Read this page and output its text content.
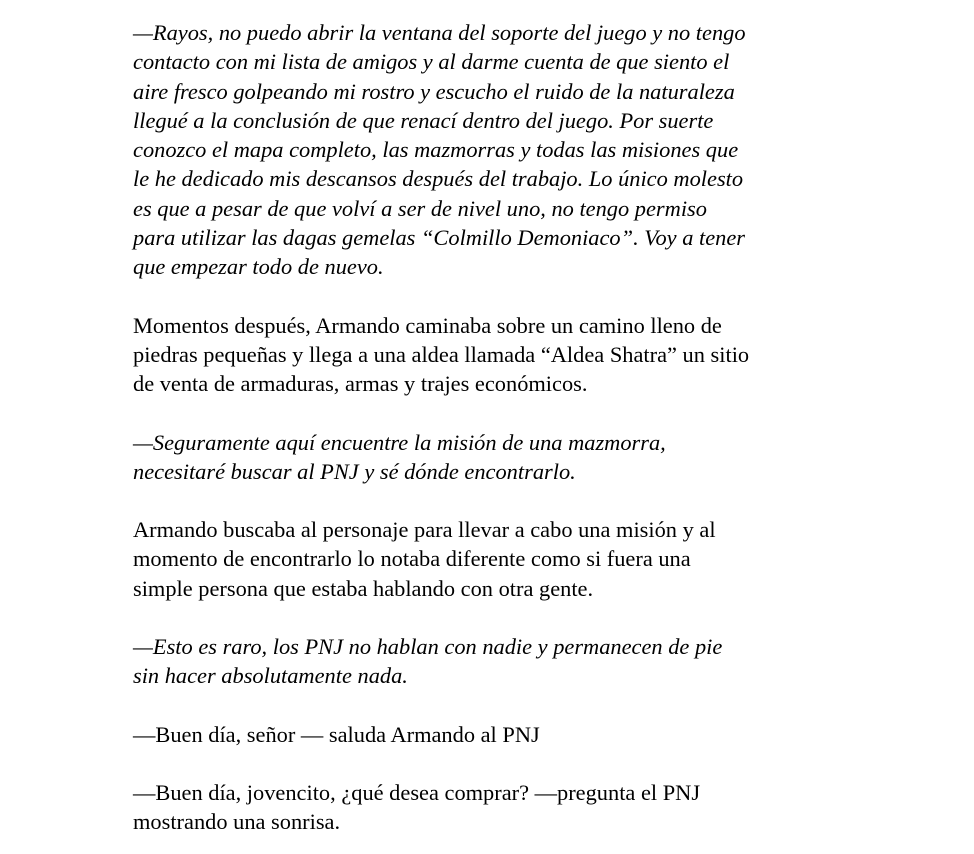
—Rayos, no puedo abrir la ventana del soporte del juego y no tengo
contacto con mi lista de amigos y al darme cuenta de que siento el
aire fresco golpeando mi rostro y escucho el ruido de la naturaleza
llegué a la conclusión de que renací dentro del juego. Por suerte
conozco el mapa completo, las mazmorras y todas las misiones que
le he dedicado mis descansos después del trabajo. Lo único molesto
es que a pesar de que volví a ser de nivel uno, no tengo permiso
para utilizar las dagas gemelas “Colmillo Demoniaco”. Voy a tener
que empezar todo de nuevo.

Momentos después, Armando caminaba sobre un camino lleno de
piedras pequeñas y llega a una aldea llamada “Aldea Shatra” un sitio
de venta de armaduras, armas y trajes económicos.

—Seguramente aquí encuentre la misión de una mazmorra,
necesitaré buscar al PNJ y sé dónde encontrarlo.

Armando buscaba al personaje para llevar a cabo una misión y al
momento de encontrarlo lo notaba diferente como si fuera una
simple persona que estaba hablando con otra gente.

—Esto es raro, los PNJ no hablan con nadie y permanecen de pie
sin hacer absolutamente nada.

—Buen día, señor — saluda Armando al PNJ

—Buen día, jovencito, ¿qué desea comprar? —pregunta el PNJ
mostrando una sonrisa.
